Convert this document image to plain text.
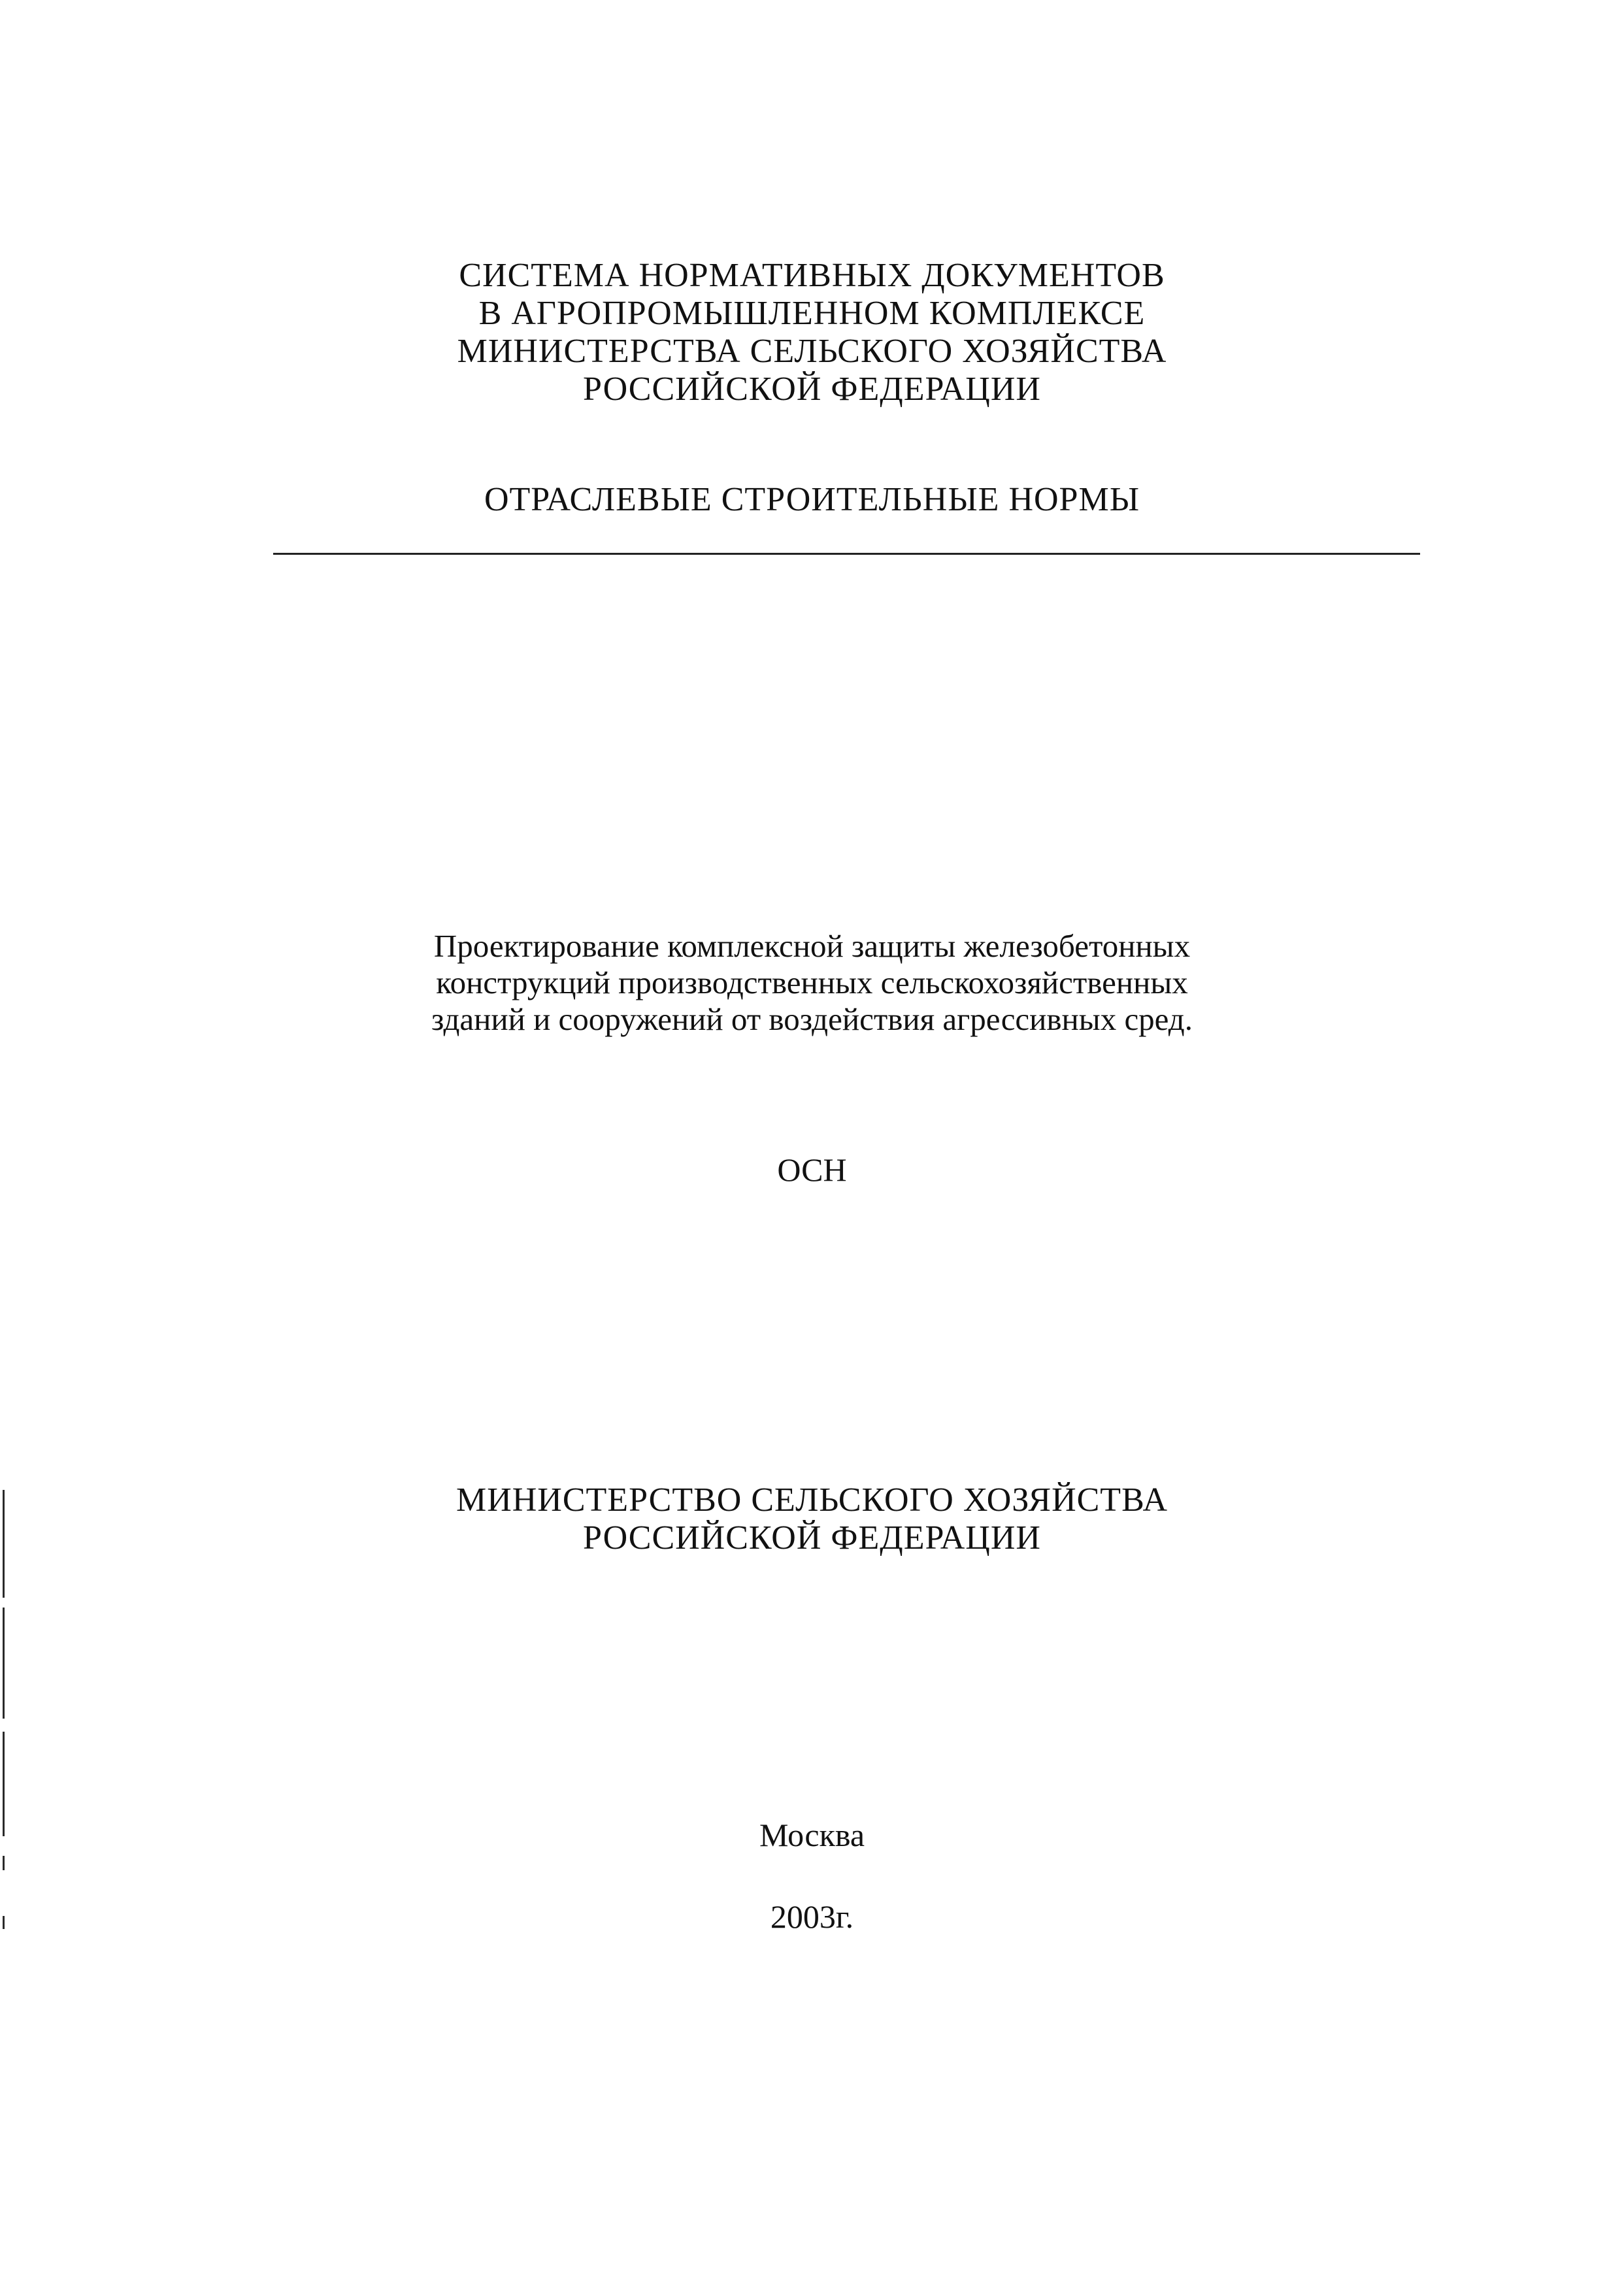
СИСТЕМА НОРМАТИВНЫХ ДОКУМЕНТОВ

В АГРОПРОМЫШЛЕННОМ КОМПЛЕКСЕ

МИНИСТЕРСТВА СЕЛЬСКОГО ХОЗЯЙСТВА

РОССИЙСКОЙ ФЕДЕРАЦИИ

ОТРАСЛЕВЫЕ СТРОИТЕЛЬНЫЕ НОРМЫ

Проектирование комплексной защиты железобетонных

конструкций производственных сельскохозяйственных

зданий и сооружений от воздействия агрессивных сред.

ОСН

МИНИСТЕРСТВО СЕЛЬСКОГО ХОЗЯЙСТВА

РОССИЙСКОЙ ФЕДЕРАЦИИ

Москва
2003г.
